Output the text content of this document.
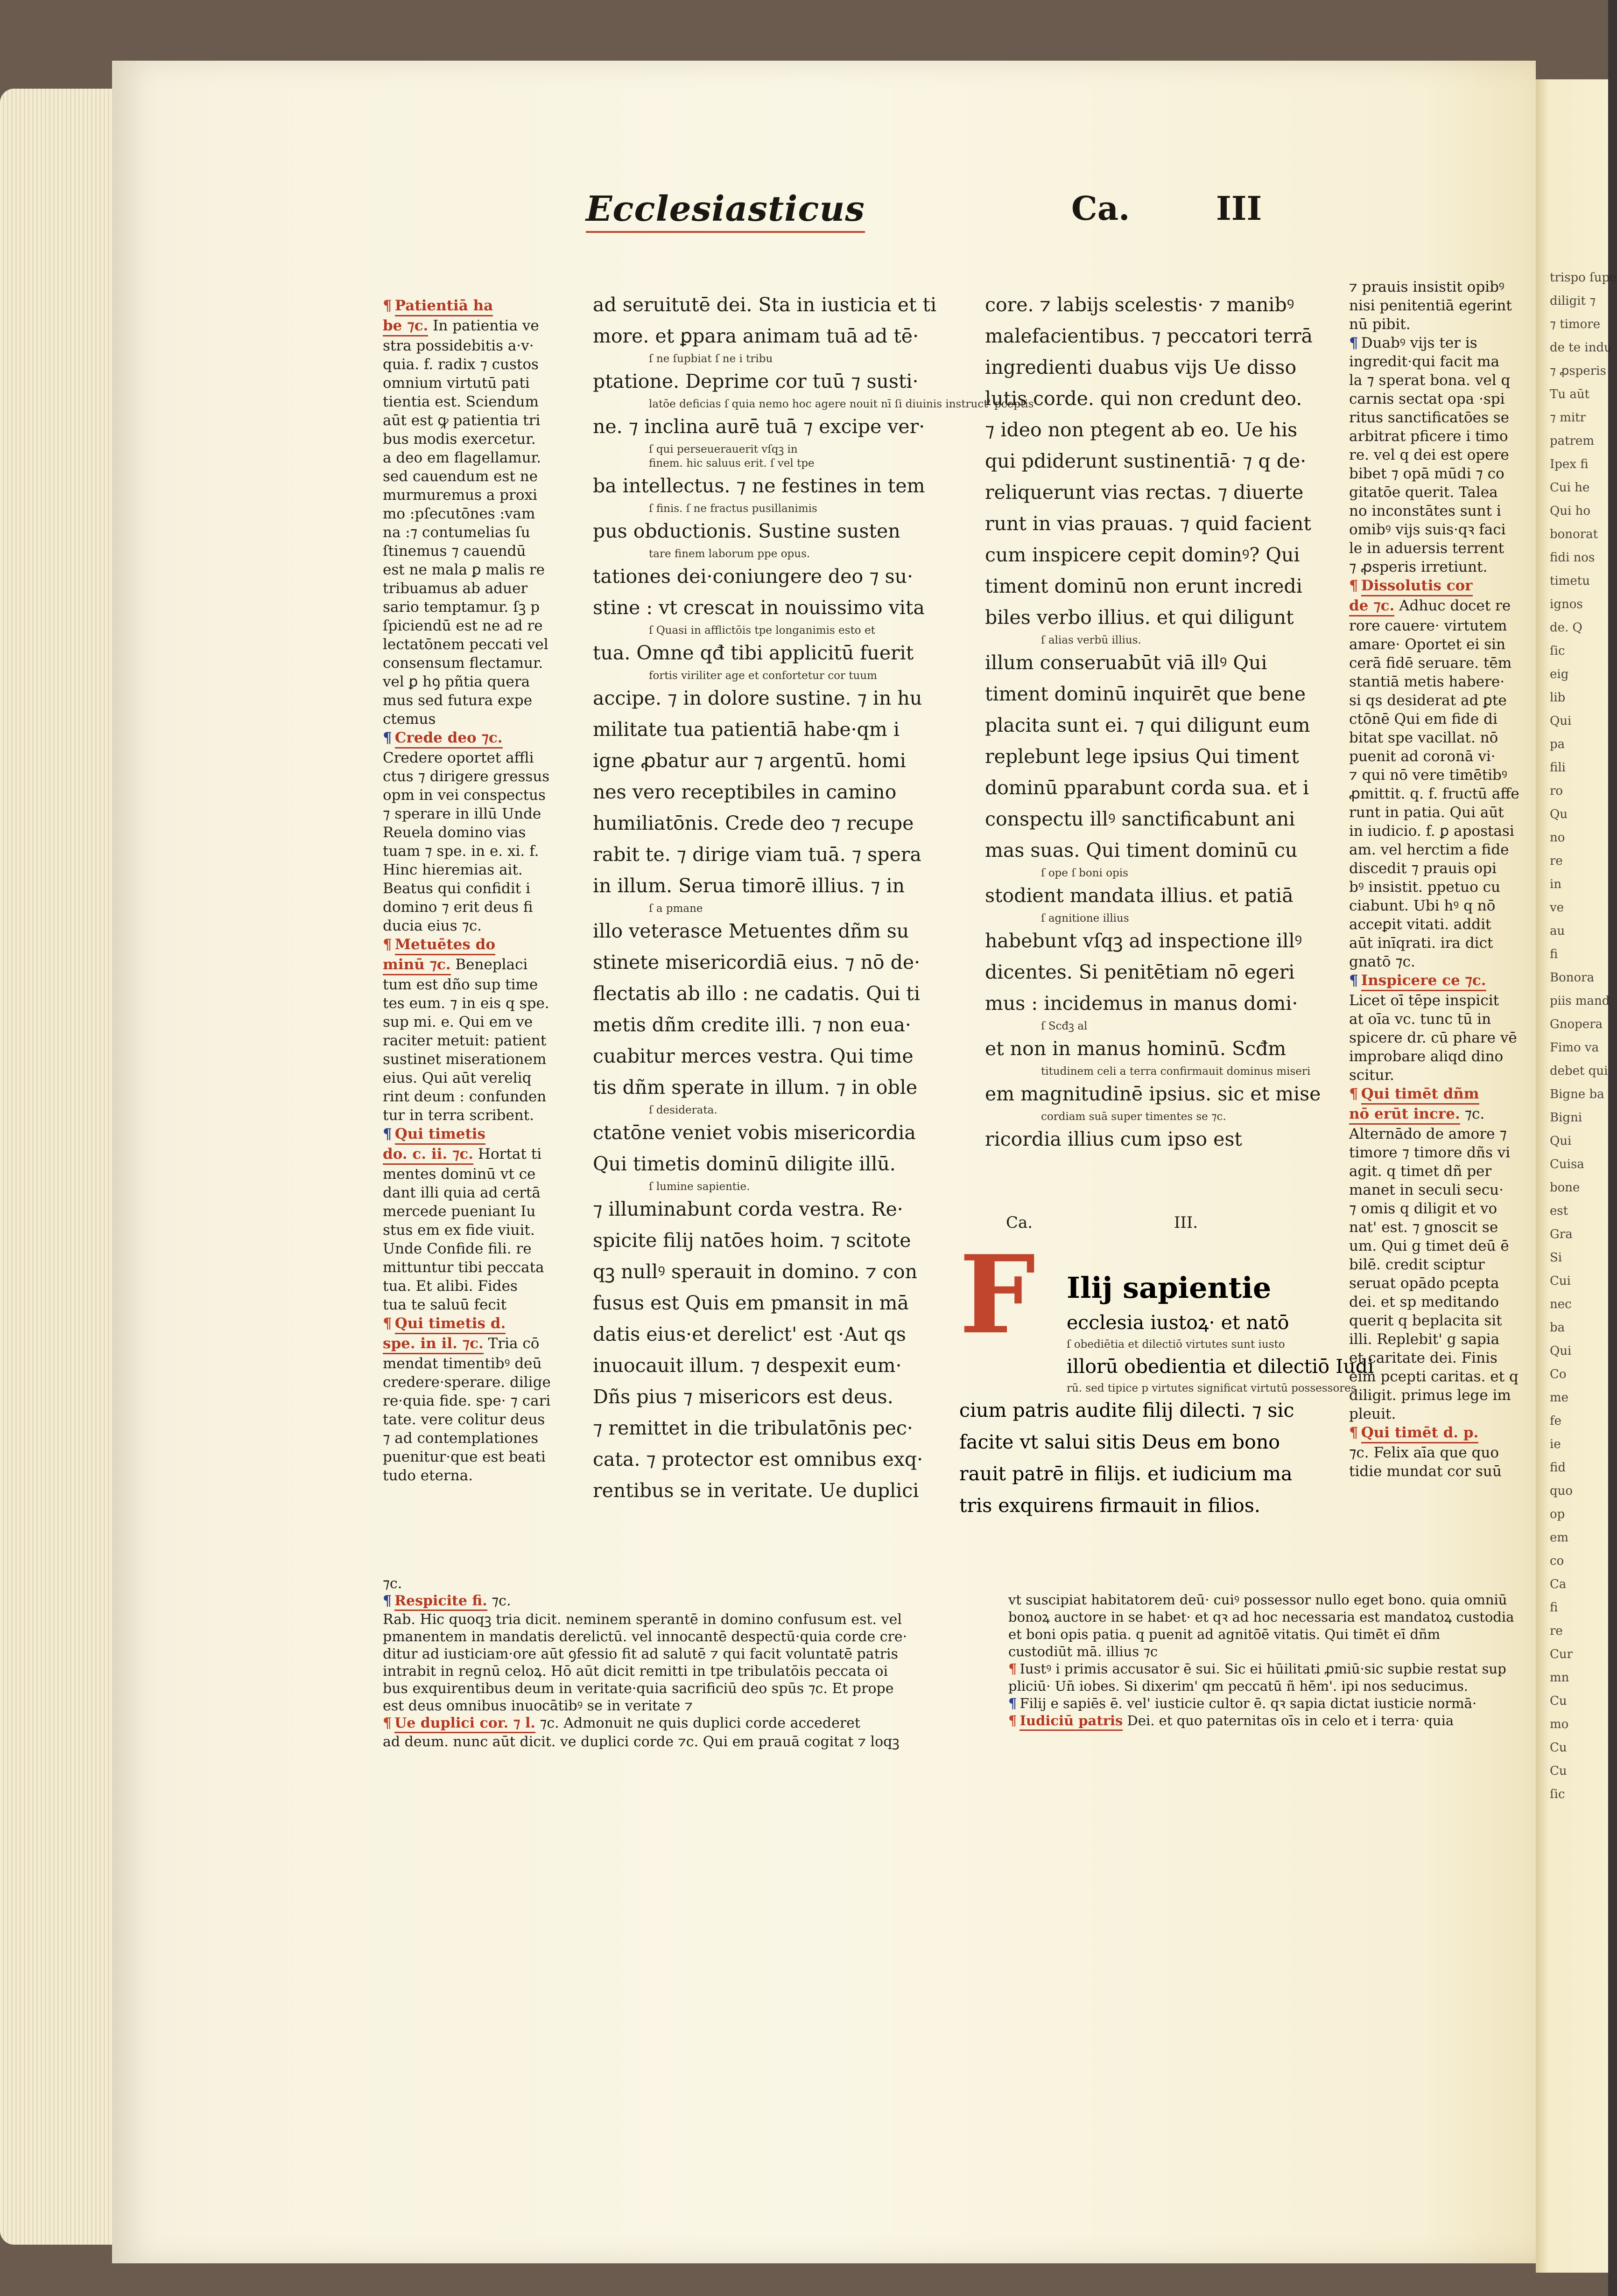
trispo ſupe

diligit ⁊

⁊ timore

de te indu

⁊ ꝓsperis

Tu aūt

⁊ mitr

patrem

Ipex fi

Cui he

Qui ho

bonorat

fidi nos

timetu

ignos

de. Q

ſic

eig

lib

Qui

pa

fili

ro

Qu

no

re

in

ve

au

fi

Bonora

piis mand

Gnopera

Fimo va

debet qui

Bigne ba

Bigni

Qui

Cuisa

bone

est

Gra

Si

Cui

nec

ba

Qui

Co

me

fe

ie

fid

quo

op

em

co

Ca

fi

re

Cur

mn

Cu

mo

Cu

Cu

ſic

Ecclesiasticus	Ca.	III

¶ Patientiā ha

be ⁊c. In patientia ve

stra possidebitis a·v·

quia. f. radix ⁊ custos

omnium virtutū pati

tientia est. Sciendum

aūt est ꝙ patientia tri

bus modis exercetur.

a deo em flagellamur.

sed cauendum est ne

murmuremus a proxi

mo :pſecutōnes :vam

na :⁊ contumelias ſu

ſtinemus ⁊ cauendū

est ne mala ꝑ malis re

tribuamus ab aduer

sario temptamur. ſꝫ p

ſpiciendū est ne ad re

lectatōnem peccati vel

consensum flectamur.

vel ꝑ hꝯ pñtia quera

mus sed futura expe

ctemus

¶ Crede deo ⁊c.

Credere oportet affli

ctus ⁊ dirigere gressus

opm in vei conspectus

⁊ sperare in illū Unde

Reuela domino vias

tuam ⁊ spe. in e. xi. f.

Hinc hieremias ait.

Beatus qui confidit i

domino ⁊ erit deus fi

ducia eius ⁊c.

¶ Metuētes do

minū ⁊c. Beneplaci

tum est dño sup time

tes eum. ⁊ in eis q spe.

sup mi. e. Qui em ve

raciter metuit: patient

sustinet miserationem

eius. Qui aūt vereliq

rint deum : confunden

tur in terra scribent.

¶ Qui timetis

do. c. ii. ⁊c. Hortat ti

mentes dominū vt ce

dant illi quia ad certā

mercede pueniant Iu

stus em ex fide viuit.

Unde Confide fili. re

mittuntur tibi peccata

tua. Et alibi. Fides

tua te saluū fecit

¶ Qui timetis d.

spe. in il. ⁊c. Tria cō

mendat timentibꝰ deū

credere·sperare. dilige

re·quia fide. spe· ⁊ cari

tate. vere colitur deus

⁊ ad contemplationes

puenitur·que est beati

tudo eterna.

ad seruitutē dei. Sta in iusticia et ti

more. et ꝑpara animam tuā ad tē·

ſ ne ſupbiat ſ ne i tribu

ptatione. Deprime cor tuū ⁊ susti·

latōe deficias ſ quia nemo hoc agere nouit nī ſi diuinis instruct' pceptis

ne. ⁊ inclina aurē tuā ⁊ excipe ver·

ſ qui perseuerauerit vſqꝫ in

finem. hic saluus erit. ſ vel tpe

ba intellectus. ⁊ ne festines in tem

ſ finis. ſ ne fractus pusillanimis

pus obductionis. Sustine susten

tare finem laborum ppe opus.

tationes dei·coniungere deo ⁊ su·

stine : vt crescat in nouissimo vita

ſ Quasi in afflictōis tpe longanimis esto et

tua. Omne qđ tibi applicitū fuerit

fortis viriliter age et confortetur cor tuum

accipe. ⁊ in dolore sustine. ⁊ in hu

militate tua patientiā habe·qm i

igne ꝓbatur aur ⁊ argentū. homi

nes vero receptibiles in camino

humiliatōnis. Crede deo ⁊ recupe

rabit te. ⁊ dirige viam tuā. ⁊ spera

in illum. Serua timorē illius. ⁊ in

ſ a pmane

illo veterasce Metuentes dñm su

stinete misericordiā eius. ⁊ nō de·

flectatis ab illo : ne cadatis. Qui ti

metis dñm credite illi. ⁊ non eua·

cuabitur merces vestra. Qui time

tis dñm sperate in illum. ⁊ in oble

ſ desiderata.

ctatōne veniet vobis misericordia

Qui timetis dominū diligite illū.

ſ lumine sapientie.

⁊ illuminabunt corda vestra. Re·

spicite filij natōes hoim. ⁊ scitote

qꝫ nullꝰ sperauit in domino. ⁊ con

fusus est Quis em pmansit in mā

datis eius·et derelict' est ·Aut qs

inuocauit illum. ⁊ despexit eum·

Dñs pius ⁊ misericors est deus.

⁊ remittet in die tribulatōnis pec·

cata. ⁊ protector est omnibus exq·

rentibus se in veritate. Ue duplici

core. ⁊ labijs scelestis· ⁊ manibꝰ

malefacientibus. ⁊ peccatori terrā

ingredienti duabus vijs Ue disso

lutis corde. qui non credunt deo.

⁊ ideo non ptegent ab eo. Ue his

qui pdiderunt sustinentiā· ⁊ q de·

reliquerunt vias rectas. ⁊ diuerte

runt in vias prauas. ⁊ quid facient

cum inspicere cepit dominꝰ? Qui

timent dominū non erunt incredi

biles verbo illius. et qui diligunt

ſ alias verbū illius.

illum conseruabūt viā illꝰ Qui

timent dominū inquirēt que bene

placita sunt ei. ⁊ qui diligunt eum

replebunt lege ipsius Qui timent

dominū pparabunt corda sua. et i

conspectu illꝰ sanctificabunt ani

mas suas. Qui timent dominū cu

ſ ope ſ boni opis

stodient mandata illius. et patiā

ſ agnitione illius

habebunt vſqꝫ ad inspectione illꝰ

dicentes. Si penitētiam nō egeri

mus : incidemus in manus domi·

ſ Scđꝫ al

et non in manus hominū. Scđm

titudinem celi a terra confirmauit dominus miseri

em magnitudinē ipsius. sic et mise

cordiam suā super timentes se ⁊c.

ricordia illius cum ipso est

⁊ prauis insistit opibꝰ

nisi penitentiā egerint

nū pibit.

¶ Duabꝰ vijs ter is

ingredit·qui facit ma

la ⁊ sperat bona. vel q

carnis sectat opa ·spi

ritus sanctificatōes se

arbitrat pficere i timo

re. vel q dei est opere

bibet ⁊ opā mūdi ⁊ co

gitatōe querit. Talea

no inconstātes sunt i

omibꝰ vijs suis·qꝛ faci

le in aduersis terrent

⁊ ꝓsperis irretiunt.

¶ Dissolutis cor

de ⁊c. Adhuc docet re

rore cauere· virtutem

amare· Oportet ei sin

cerā fidē seruare. tēm

stantiā metis habere·

si qs desiderat ad ꝑte

ctōnē Qui em fide di

bitat spe vacillat. nō

puenit ad coronā vi·

⁊ qui nō vere timētibꝰ

ꝓmittit. q. f. fructū affe

runt in patia. Qui aūt

in iudicio. f. ꝑ apostasi

am. vel herctim a fide

discedit ⁊ prauis opi

bꝰ insistit. ppetuo cu

ciabunt. Ubi hꝰ q nō

acceꝑit vitati. addit

aūt inīqrati. ira dict

gnatō ⁊c.

¶ Inspicere ce ⁊c.

Licet oī tēpe inspicit

at oīa vc. tunc tū in

spicere dr. cū phare vē

improbare aliqd dino

scitur.

¶ Qui timēt dñm

nō erūt incre. ⁊c.

Alternādo de amore ⁊

timore ⁊ timore dñs vi

agit. q timet dñ per

manet in seculi secu·

⁊ omis q diligit et vo

nat' est. ⁊ gnoscit se

um. Qui g timet deū ē

bilē. credit sciptur

seruat opādo pcepta

dei. et sp meditando

querit q beplacita sit

illi. Replebit' g sapia

et caritate dei. Finis

eīm pcepti caritas. et q

diligit. primus lege im

pleuit.

¶ Qui timēt d. p.

⁊c. Felix aīa que quo

tidie mundat cor suū

Ca.	III.
F	Ilij sapientie

ecclesia iustoꝝ· et natō

ſ obediētia et dilectiō virtutes sunt iusto

illorū obedientia et dilectiō Iudi

rū. sed tipice p virtutes significat virtutū possessores

cium patris audite filij dilecti. ⁊ sic

facite vt salui sitis Deus em bono

rauit patrē in filijs. et iudicium ma

tris exquirens firmauit in filios.

⁊c.

¶ Respicite fi. ⁊c.

Rab. Hic quoqꝫ tria dicit. neminem sperantē in domino confusum est. vel

pmanentem in mandatis derelictū. vel innocantē despectū·quia corde cre·

ditur ad iusticiam·ore aūt ꝯfessio fit ad salutē ⁊ qui facit voluntatē patris

intrabit in regnū celoꝝ. Hō aūt dicit remitti in tpe tribulatōis peccata oi

bus exquirentibus deum in veritate·quia sacrificiū deo spūs ⁊c. Et prope

est deus omnibus inuocātibꝰ se in veritate ⁊

¶ Ue duplici cor. ⁊ l. ⁊c. Admonuit ne quis duplici corde accederet

ad deum. nunc aūt dicit. ve duplici corde ⁊c. Qui em prauā cogitat ⁊ loqꝫ

vt suscipiat habitatorem deū· cuiꝰ possessor nullo eget bono. quia omniū

bonoꝝ auctore in se habet· et qꝛ ad hoc necessaria est mandatoꝝ custodia

et boni opis patia. q puenit ad agnitōē vitatis. Qui timēt eī dñm

custodiūt mā. illius ⁊c

¶ Iustꝰ i primis accusator ē sui. Sic ei hūilitati ꝓmiū·sic supbie restat sup

pliciū· Un̄ iobes. Si dixerim' qm peccatū ñ hēm'. ipi nos seducimus.

¶ Filij e sapiēs ē. vel' iusticie cultor ē. qꝛ sapia dictat iusticie normā·

¶ Iudiciū patris Dei. et quo paternitas oīs in celo et i terra· quia
